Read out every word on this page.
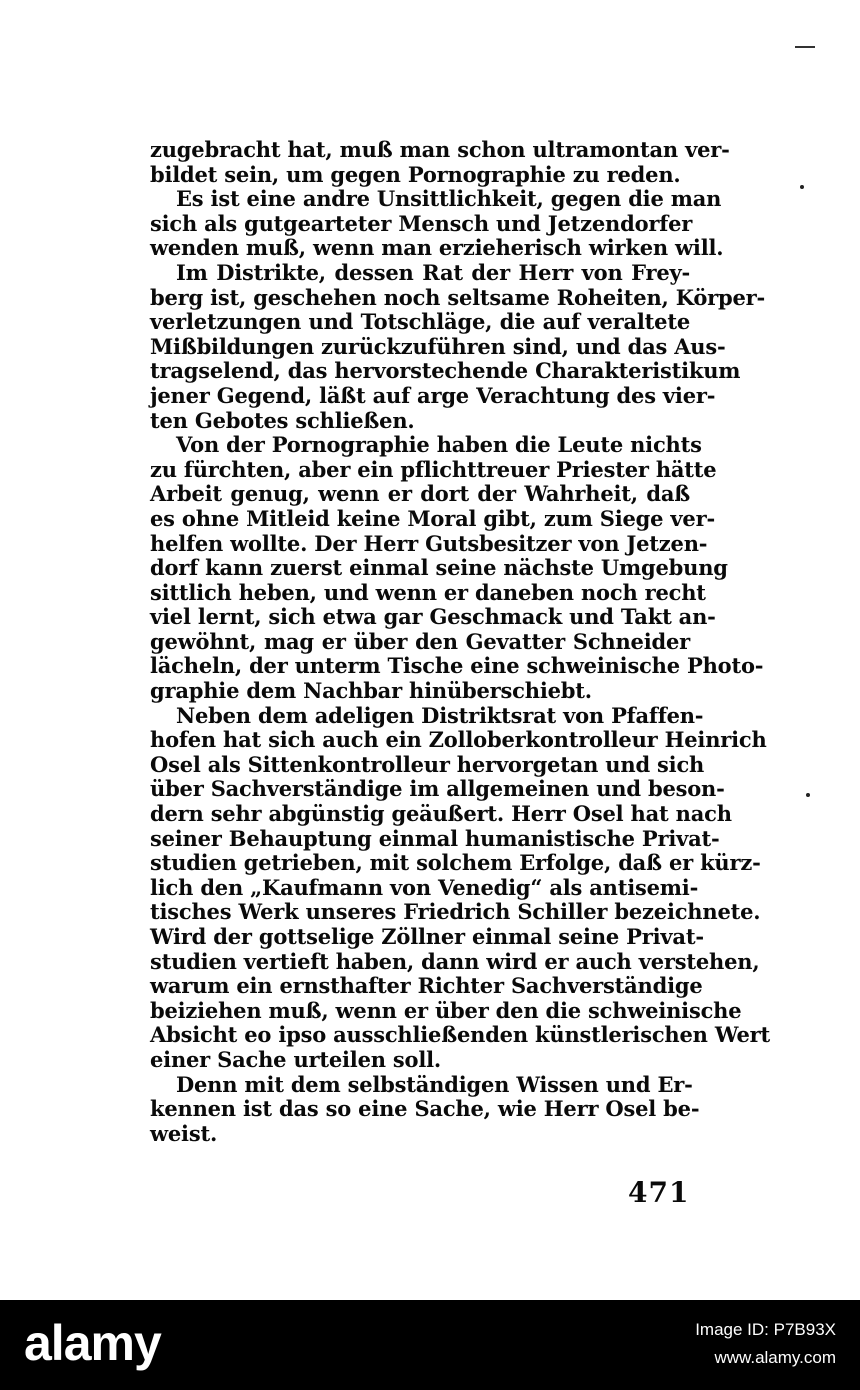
zugebracht hat, muß man schon ultramontan ver-
bildet sein, um gegen Pornographie zu reden.
Es ist eine andre Unsittlichkeit, gegen die man
sich als gutgearteter Mensch und Jetzendorfer
wenden muß, wenn man erzieherisch wirken will.
Im Distrikte, dessen Rat der Herr von Frey-
berg ist, geschehen noch seltsame Roheiten, Körper-
verletzungen und Totschläge, die auf veraltete
Mißbildungen zurückzuführen sind, und das Aus-
tragselend, das hervorstechende Charakteristikum
jener Gegend, läßt auf arge Verachtung des vier-
ten Gebotes schließen.
Von der Pornographie haben die Leute nichts
zu fürchten, aber ein pflichttreuer Priester hätte
Arbeit genug, wenn er dort der Wahrheit, daß
es ohne Mitleid keine Moral gibt, zum Siege ver-
helfen wollte. Der Herr Gutsbesitzer von Jetzen-
dorf kann zuerst einmal seine nächste Umgebung
sittlich heben, und wenn er daneben noch recht
viel lernt, sich etwa gar Geschmack und Takt an-
gewöhnt, mag er über den Gevatter Schneider
lächeln, der unterm Tische eine schweinische Photo-
graphie dem Nachbar hinüberschiebt.
Neben dem adeligen Distriktsrat von Pfaffen-
hofen hat sich auch ein Zolloberkontrolleur Heinrich
Osel als Sittenkontrolleur hervorgetan und sich
über Sachverständige im allgemeinen und beson-
dern sehr abgünstig geäußert. Herr Osel hat nach
seiner Behauptung einmal humanistische Privat-
studien getrieben, mit solchem Erfolge, daß er kürz-
lich den „Kaufmann von Venedig“ als antisemi-
tisches Werk unseres Friedrich Schiller bezeichnete.
Wird der gottselige Zöllner einmal seine Privat-
studien vertieft haben, dann wird er auch verstehen,
warum ein ernsthafter Richter Sachverständige
beiziehen muß, wenn er über den die schweinische
Absicht eo ipso ausschließenden künstlerischen Wert
einer Sache urteilen soll.
Denn mit dem selbständigen Wissen und Er-
kennen ist das so eine Sache, wie Herr Osel be-
weist.
471
alamy	Image ID: P7B93X
www.alamy.com
